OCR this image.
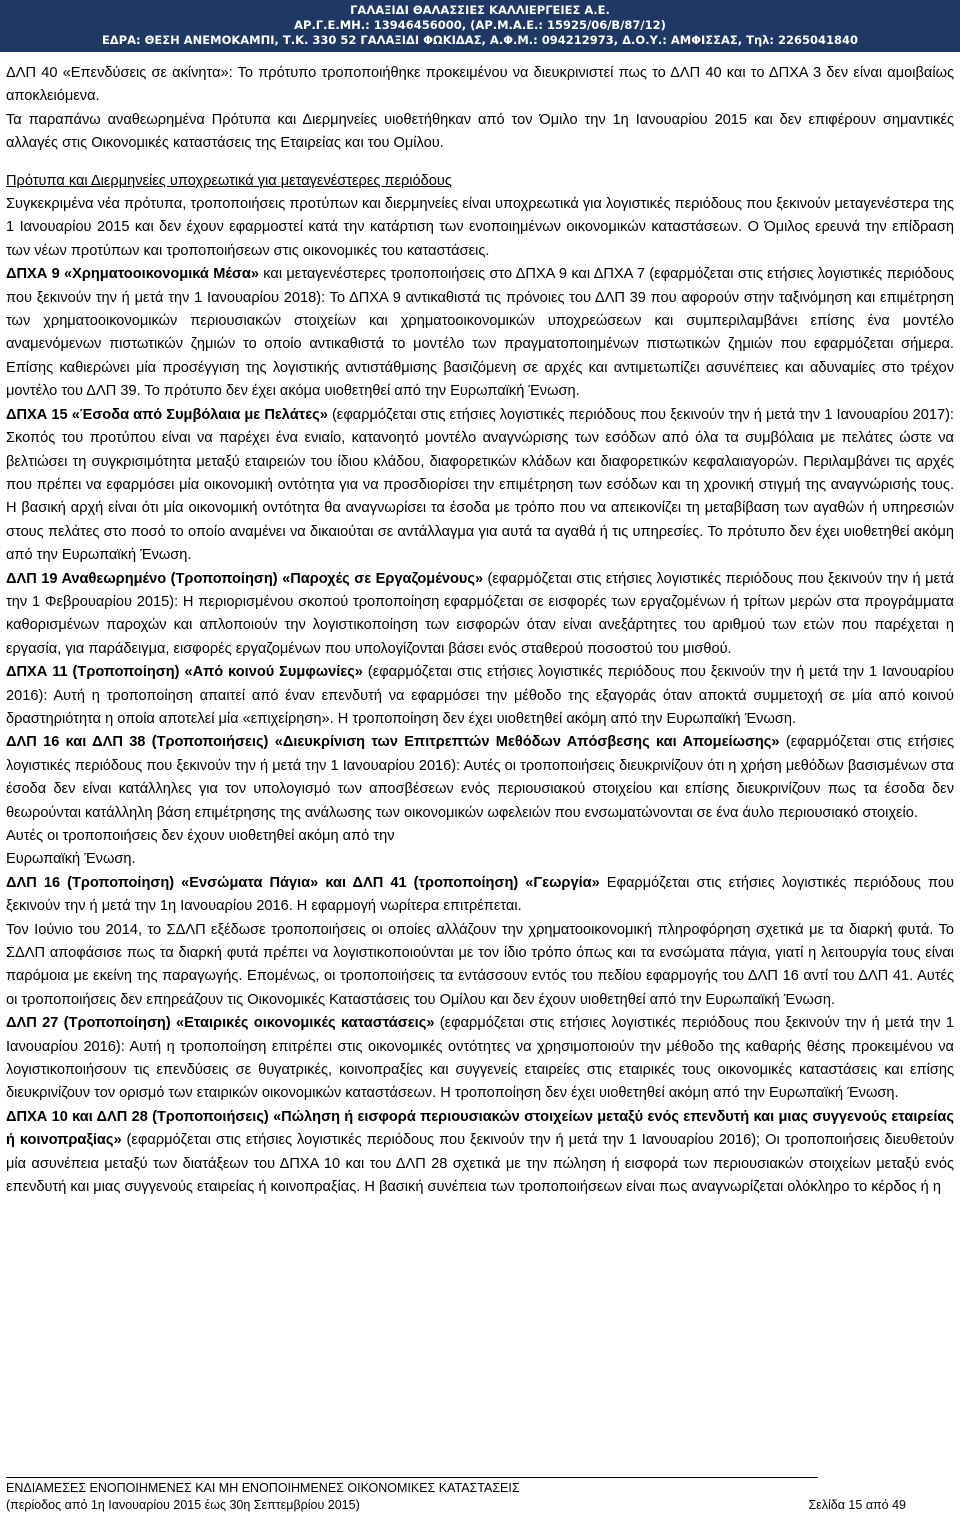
ΓΑΛΑΞΙΔΙ ΘΑΛΑΣΣΙΕΣ ΚΑΛΛΙΕΡΓΕΙΕΣ Α.Ε.
ΑΡ.Γ.Ε.ΜΗ.: 13946456000, (ΑΡ.Μ.Α.Ε.: 15925/06/Β/87/12)
ΕΔΡΑ: ΘΕΣΗ ΑΝΕΜΟΚΑΜΠΙ, Τ.Κ. 330 52 ΓΑΛΑΞΙΔΙ ΦΩΚΙΔΑΣ, Α.Φ.Μ.: 094212973, Δ.Ο.Υ.: ΑΜΦΙΣΣΑΣ, Τηλ: 2265041840

ΔΛΠ 40 «Επενδύσεις σε ακίνητα»: Το πρότυπο τροποποιήθηκε προκειμένου να διευκρινιστεί πως το ΔΛΠ 40 και το ΔΠΧΑ 3 δεν είναι αμοιβαίως αποκλειόμενα.

Τα παραπάνω αναθεωρημένα Πρότυπα και Διερμηνείες υιοθετήθηκαν από τον Όμιλο την 1η Ιανουαρίου 2015 και δεν επιφέρουν σημαντικές αλλαγές στις Οικονομικές καταστάσεις της Εταιρείας και του Ομίλου.

Πρότυπα και Διερμηνείες υποχρεωτικά για μεταγενέστερες περιόδους

Συγκεκριμένα νέα πρότυπα, τροποποιήσεις προτύπων και διερμηνείες είναι υποχρεωτικά για λογιστικές περιόδους που ξεκινούν μεταγενέστερα της 1 Ιανουαρίου 2015 και δεν έχουν εφαρμοστεί κατά την κατάρτιση των ενοποιημένων οικονομικών καταστάσεων. Ο Όμιλος ερευνά την επίδραση των νέων προτύπων και τροποποιήσεων στις οικονομικές του καταστάσεις.

ΔΠΧΑ 9 «Χρηματοοικονομικά Μέσα» και μεταγενέστερες τροποποιήσεις στο ΔΠΧΑ 9 και ΔΠΧΑ 7 (εφαρμόζεται στις ετήσιες λογιστικές περιόδους που ξεκινούν την ή μετά την 1 Ιανουαρίου 2018): Το ΔΠΧΑ 9 αντικαθιστά τις πρόνοιες του ΔΛΠ 39 που αφορούν στην ταξινόμηση και επιμέτρηση των χρηματοοικονομικών περιουσιακών στοιχείων και χρηματοοικονομικών υποχρεώσεων και συμπεριλαμβάνει επίσης ένα μοντέλο αναμενόμενων πιστωτικών ζημιών το οποίο αντικαθιστά το μοντέλο των πραγματοποιημένων πιστωτικών ζημιών που εφαρμόζεται σήμερα. Επίσης καθιερώνει μία προσέγγιση της λογιστικής αντιστάθμισης βασιζόμενη σε αρχές και αντιμετωπίζει ασυνέπειες και αδυναμίες στο τρέχον μοντέλο του ΔΛΠ 39. Το πρότυπο δεν έχει ακόμα υιοθετηθεί από την Ευρωπαϊκή Ένωση.

ΔΠΧΑ 15 «Έσοδα από Συμβόλαια με Πελάτες» (εφαρμόζεται στις ετήσιες λογιστικές περιόδους που ξεκινούν την ή μετά την 1 Ιανουαρίου 2017): Σκοπός του προτύπου είναι να παρέχει ένα ενιαίο, κατανοητό μοντέλο αναγνώρισης των εσόδων από όλα τα συμβόλαια με πελάτες ώστε να βελτιώσει τη συγκρισιμότητα μεταξύ εταιρειών του ίδιου κλάδου, διαφορετικών κλάδων και διαφορετικών κεφαλαιαγορών. Περιλαμβάνει τις αρχές που πρέπει να εφαρμόσει μία οικονομική οντότητα για να προσδιορίσει την επιμέτρηση των εσόδων και τη χρονική στιγμή της αναγνώρισής τους. Η βασική αρχή είναι ότι μία οικονομική οντότητα θα αναγνωρίσει τα έσοδα με τρόπο που να απεικονίζει τη μεταβίβαση των αγαθών ή υπηρεσιών στους πελάτες στο ποσό το οποίο αναμένει να δικαιούται σε αντάλλαγμα για αυτά τα αγαθά ή τις υπηρεσίες. Το πρότυπο δεν έχει υιοθετηθεί ακόμη από την Ευρωπαϊκή Ένωση.

ΔΛΠ 19 Αναθεωρημένο (Τροποποίηση) «Παροχές σε Εργαζομένους» (εφαρμόζεται στις ετήσιες λογιστικές περιόδους που ξεκινούν την ή μετά την 1 Φεβρουαρίου 2015): Η περιορισμένου σκοπού τροποποίηση εφαρμόζεται σε εισφορές των εργαζομένων ή τρίτων μερών στα προγράμματα καθορισμένων παροχών και απλοποιούν την λογιστικοποίηση των εισφορών όταν είναι ανεξάρτητες του αριθμού των ετών που παρέχεται η εργασία, για παράδειγμα, εισφορές εργαζομένων που υπολογίζονται βάσει ενός σταθερού ποσοστού του μισθού.

ΔΠΧΑ 11 (Τροποποίηση) «Από κοινού Συμφωνίες» (εφαρμόζεται στις ετήσιες λογιστικές περιόδους που ξεκινούν την ή μετά την 1 Ιανουαρίου 2016): Αυτή η τροποποίηση απαιτεί από έναν επενδυτή να εφαρμόσει την μέθοδο της εξαγοράς όταν αποκτά συμμετοχή σε μία από κοινού δραστηριότητα η οποία αποτελεί μία «επιχείρηση». Η τροποποίηση δεν έχει υιοθετηθεί ακόμη από την Ευρωπαϊκή Ένωση.

ΔΛΠ 16 και ΔΛΠ 38 (Τροποποιήσεις) «Διευκρίνιση των Επιτρεπτών Μεθόδων Απόσβεσης και Απομείωσης» (εφαρμόζεται στις ετήσιες λογιστικές περιόδους που ξεκινούν την ή μετά την 1 Ιανουαρίου 2016): Αυτές οι τροποποιήσεις διευκρινίζουν ότι η χρήση μεθόδων βασισμένων στα έσοδα δεν είναι κατάλληλες για τον υπολογισμό των αποσβέσεων ενός περιουσιακού στοιχείου και επίσης διευκρινίζουν πως τα έσοδα δεν θεωρούνται κατάλληλη βάση επιμέτρησης της ανάλωσης των οικονομικών ωφελειών που ενσωματώνονται σε ένα άυλο περιουσιακό στοιχείο.

Αυτές οι τροποποιήσεις δεν έχουν υιοθετηθεί ακόμη από την

Ευρωπαϊκή Ένωση.

ΔΛΠ 16 (Τροποποίηση) «Ενσώματα Πάγια» και ΔΛΠ 41 (τροποποίηση) «Γεωργία» Εφαρμόζεται στις ετήσιες λογιστικές περιόδους που ξεκινούν την ή μετά την 1η Ιανουαρίου 2016. Η εφαρμογή νωρίτερα επιτρέπεται.

Τον Ιούνιο του 2014, το ΣΔΛΠ εξέδωσε τροποποιήσεις οι οποίες αλλάζουν την χρηματοοικονομική πληροφόρηση σχετικά με τα διαρκή φυτά. Το ΣΔΛΠ αποφάσισε πως τα διαρκή φυτά πρέπει να λογιστικοποιούνται με τον ίδιο τρόπο όπως και τα ενσώματα πάγια, γιατί η λειτουργία τους είναι παρόμοια με εκείνη της παραγωγής. Επομένως, οι τροποποιήσεις τα εντάσσουν εντός του πεδίου εφαρμογής του ΔΛΠ 16 αντί του ΔΛΠ 41. Αυτές οι τροποποιήσεις δεν επηρεάζουν τις Οικονομικές Καταστάσεις του Ομίλου και δεν έχουν υιοθετηθεί από την Ευρωπαϊκή Ένωση.

ΔΛΠ 27 (Τροποποίηση) «Εταιρικές οικονομικές καταστάσεις» (εφαρμόζεται στις ετήσιες λογιστικές περιόδους που ξεκινούν την ή μετά την 1 Ιανουαρίου 2016): Αυτή η τροποποίηση επιτρέπει στις οικονομικές οντότητες να χρησιμοποιούν την μέθοδο της καθαρής θέσης προκειμένου να λογιστικοποιήσουν τις επενδύσεις σε θυγατρικές, κοινοπραξίες και συγγενείς εταιρείες στις εταιρικές τους οικονομικές καταστάσεις και επίσης διευκρινίζουν τον ορισμό των εταιρικών οικονομικών καταστάσεων. Η τροποποίηση δεν έχει υιοθετηθεί ακόμη από την Ευρωπαϊκή Ένωση.

ΔΠΧΑ 10 και ΔΛΠ 28 (Τροποποιήσεις) «Πώληση ή εισφορά περιουσιακών στοιχείων μεταξύ ενός επενδυτή και μιας συγγενούς εταιρείας ή κοινοπραξίας» (εφαρμόζεται στις ετήσιες λογιστικές περιόδους που ξεκινούν την ή μετά την 1 Ιανουαρίου 2016); Οι τροποποιήσεις διευθετούν μία ασυνέπεια μεταξύ των διατάξεων του ΔΠΧΑ 10 και του ΔΛΠ 28 σχετικά με την πώληση ή εισφορά των περιουσιακών στοιχείων μεταξύ ενός επενδυτή και μιας συγγενούς εταιρείας ή κοινοπραξίας. Η βασική συνέπεια των τροποποιήσεων είναι πως αναγνωρίζεται ολόκληρο το κέρδος ή η

ΕΝΔΙΑΜΕΣΕΣ ΕΝΟΠΟΙΗΜΕΝΕΣ ΚΑΙ ΜΗ ΕΝΟΠΟΙΗΜΕΝΕΣ ΟΙΚΟΝΟΜΙΚΕΣ ΚΑΤΑΣΤΑΣΕΙΣ
(περίοδος από 1η Ιανουαρίου 2015 έως 30η Σεπτεμβρίου 2015)	Σελίδα 15 από 49
